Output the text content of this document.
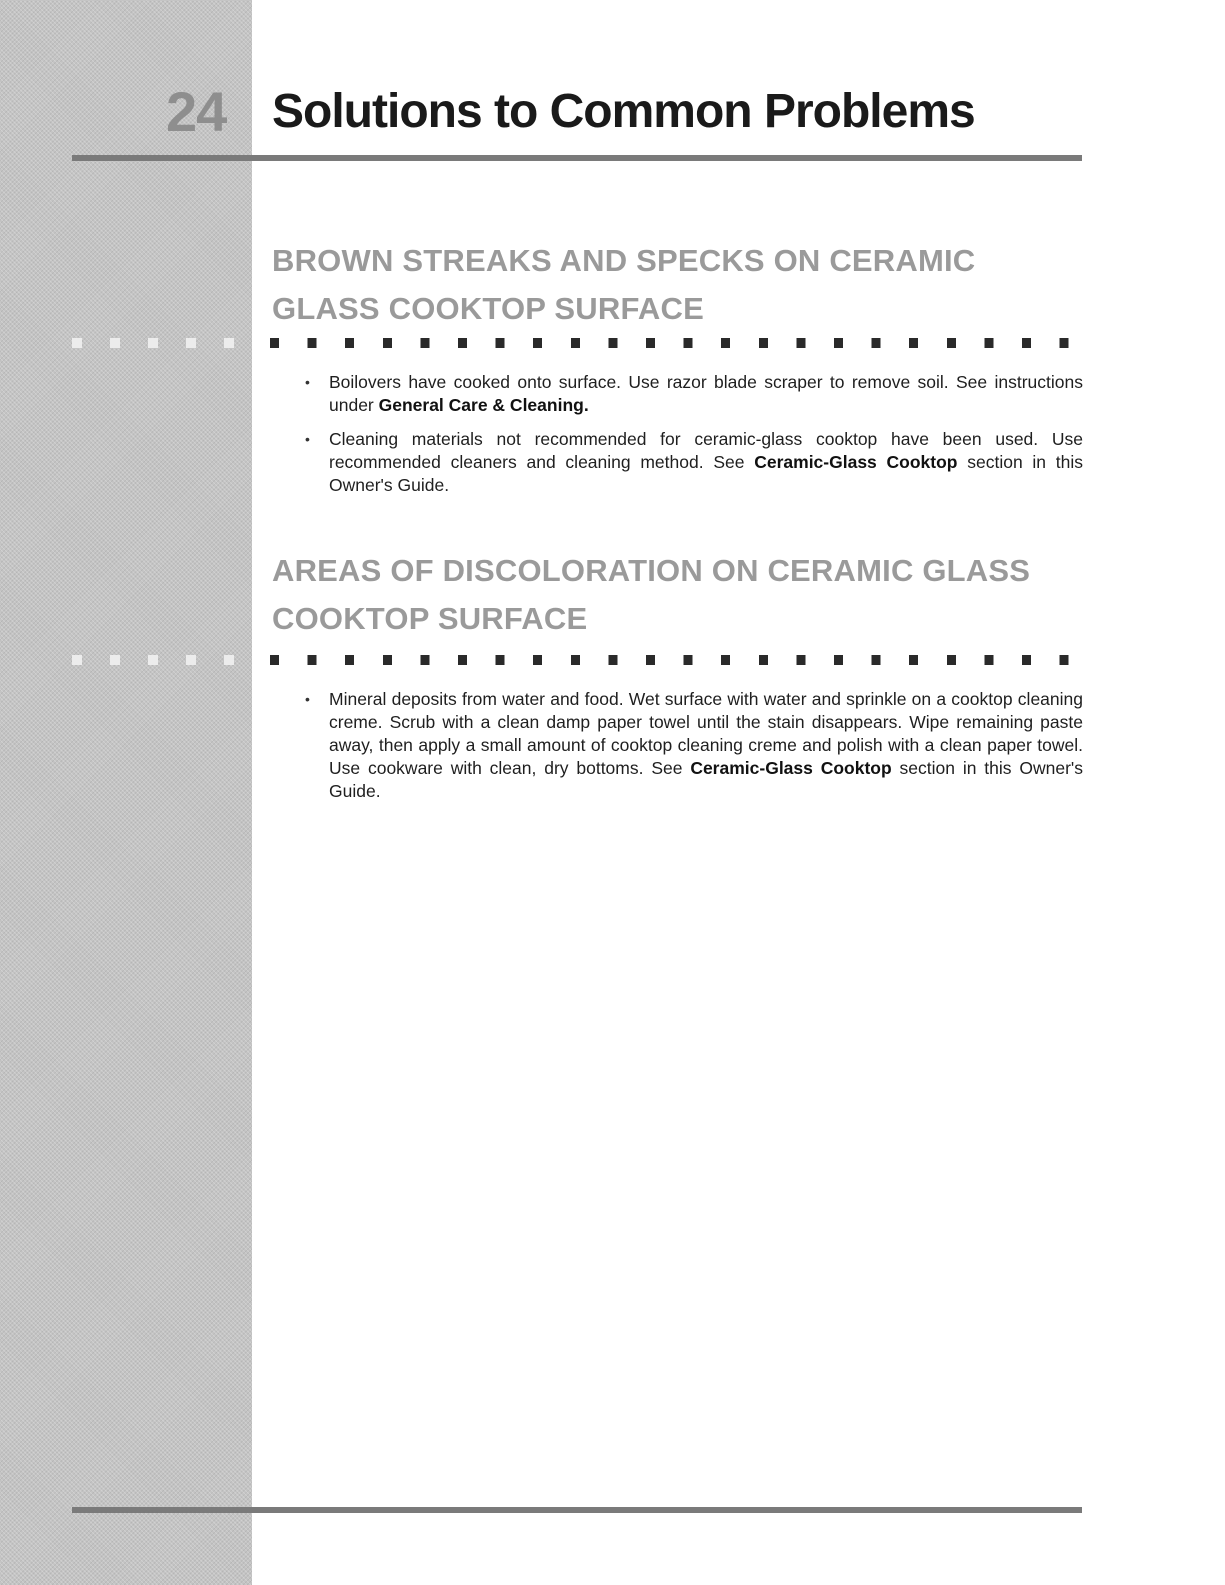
24 Solutions to Common Problems
BROWN STREAKS AND SPECKS ON CERAMIC GLASS COOKTOP SURFACE
• Boilovers have cooked onto surface. Use razor blade scraper to remove soil. See instructions under General Care & Cleaning.
• Cleaning materials not recommended for ceramic-glass cooktop have been used. Use recommended cleaners and cleaning method. See Ceramic-Glass Cooktop section in this Owner's Guide.
AREAS OF DISCOLORATION ON CERAMIC GLASS COOKTOP SURFACE
• Mineral deposits from water and food. Wet surface with water and sprinkle on a cooktop cleaning creme. Scrub with a clean damp paper towel until the stain disappears. Wipe remaining paste away, then apply a small amount of cooktop cleaning creme and polish with a clean paper towel. Use cookware with clean, dry bottoms. See Ceramic-Glass Cooktop section in this Owner's Guide.
